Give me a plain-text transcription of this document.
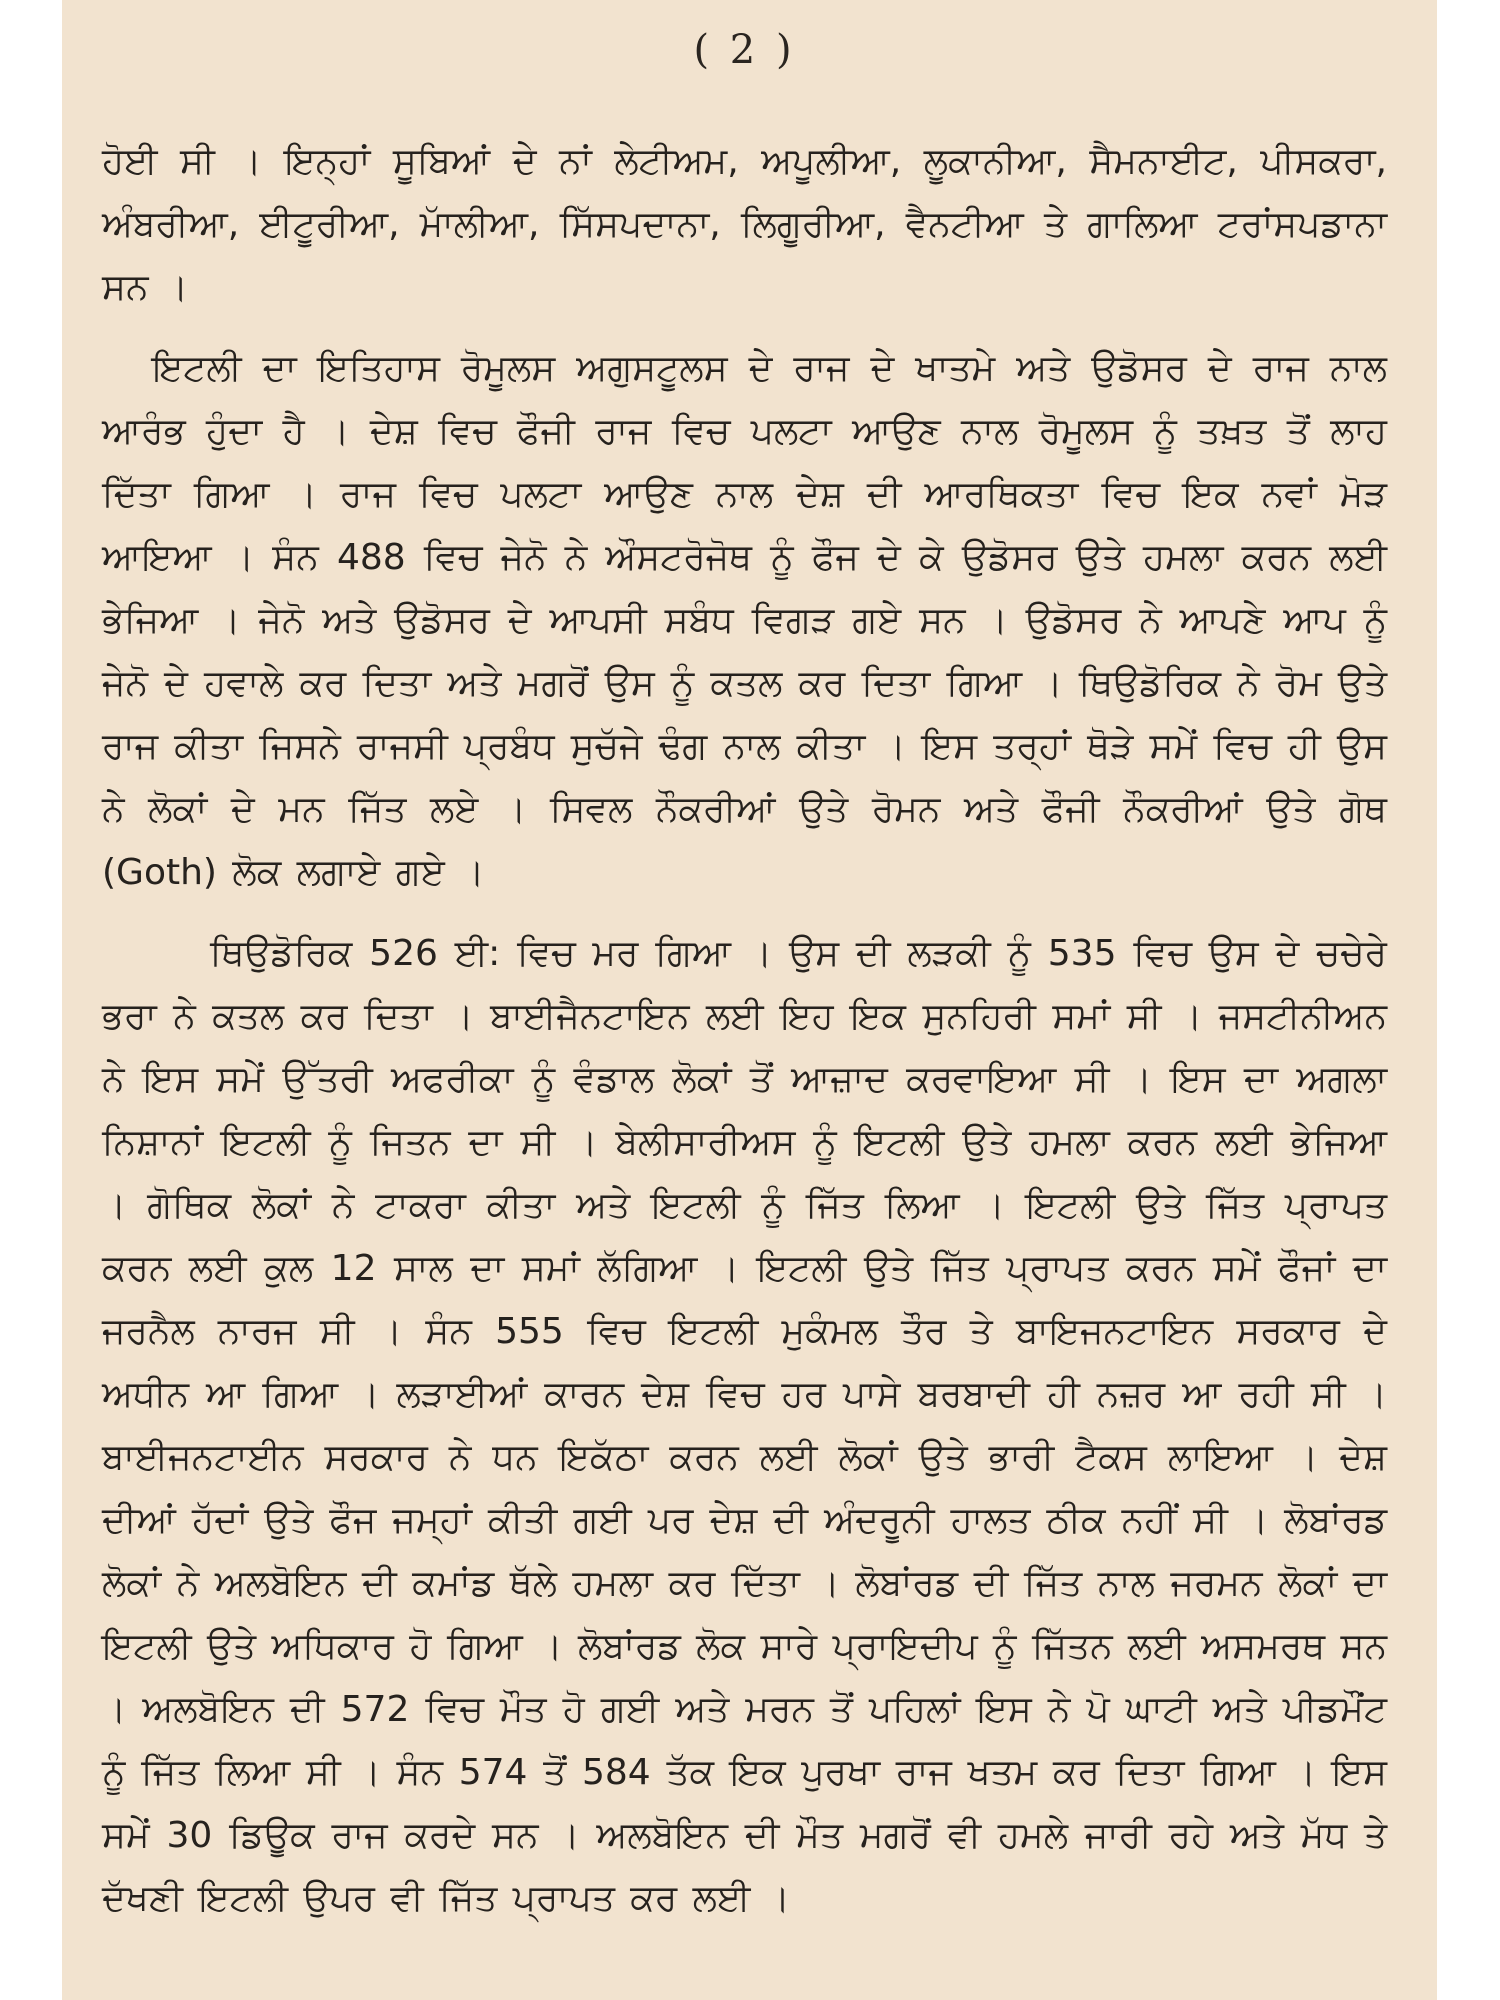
( 2 )

ਹੋਈ ਸੀ । ਇਨ੍ਹਾਂ ਸੂਬਿਆਂ ਦੇ ਨਾਂ ਲੇਟੀਅਮ, ਅਪੂਲੀਆ, ਲੂਕਾਨੀਆ, ਸੈਮਨਾਈਟ, ਪੀਸਕਰਾ, ਅੰਬਰੀਆ, ਈਟੂਰੀਆ, ਮਾੱਲੀਆ, ਸਿੱਸਪਦਾਨਾ, ਲਿਗੂਰੀਆ, ਵੈਨਟੀਆ ਤੇ ਗਾਲਿਆ ਟਰਾਂਸਪਡਾਨਾ ਸਨ ।

ਇਟਲੀ ਦਾ ਇਤਿਹਾਸ ਰੋਮੂਲਸ ਅਗੁਸਟੂਲਸ ਦੇ ਰਾਜ ਦੇ ਖਾਤਮੇ ਅਤੇ ਉਡੋਸਰ ਦੇ ਰਾਜ ਨਾਲ ਆਰੰਭ ਹੁੰਦਾ ਹੈ । ਦੇਸ਼ ਵਿਚ ਫੌਜੀ ਰਾਜ ਵਿਚ ਪਲਟਾ ਆਉਣ ਨਾਲ ਰੋਮੂਲਸ ਨੂੰ ਤਖ਼ਤ ਤੋਂ ਲਾਹ ਦਿੱਤਾ ਗਿਆ । ਰਾਜ ਵਿਚ ਪਲਟਾ ਆਉਣ ਨਾਲ ਦੇਸ਼ ਦੀ ਆਰਥਿਕਤਾ ਵਿਚ ਇਕ ਨਵਾਂ ਮੋੜ ਆਇਆ । ਸੰਨ 488 ਵਿਚ ਜੇਨੋ ਨੇ ਔਸਟਰੋਜੋਥ ਨੂੰ ਫੌਜ ਦੇ ਕੇ ਉਡੋਸਰ ਉਤੇ ਹਮਲਾ ਕਰਨ ਲਈ ਭੇਜਿਆ । ਜੇਨੋ ਅਤੇ ਉਡੋਸਰ ਦੇ ਆਪਸੀ ਸਬੰਧ ਵਿਗੜ ਗਏ ਸਨ । ਉਡੋਸਰ ਨੇ ਆਪਣੇ ਆਪ ਨੂੰ ਜੇਨੋ ਦੇ ਹਵਾਲੇ ਕਰ ਦਿਤਾ ਅਤੇ ਮਗਰੋਂ ਉਸ ਨੂੰ ਕਤਲ ਕਰ ਦਿਤਾ ਗਿਆ । ਥਿਉਡੋਰਿਕ ਨੇ ਰੋਮ ਉਤੇ ਰਾਜ ਕੀਤਾ ਜਿਸਨੇ ਰਾਜਸੀ ਪ੍ਰਬੰਧ ਸੁਚੱਜੇ ਢੰਗ ਨਾਲ ਕੀਤਾ । ਇਸ ਤਰ੍ਹਾਂ ਥੋੜੇ ਸਮੇਂ ਵਿਚ ਹੀ ਉਸ ਨੇ ਲੋਕਾਂ ਦੇ ਮਨ ਜਿੱਤ ਲਏ । ਸਿਵਲ ਨੌਕਰੀਆਂ ਉਤੇ ਰੋਮਨ ਅਤੇ ਫੌਜੀ ਨੌਕਰੀਆਂ ਉਤੇ ਗੋਥ (Goth) ਲੋਕ ਲਗਾਏ ਗਏ ।

ਥਿਉਡੋਰਿਕ 526 ਈ: ਵਿਚ ਮਰ ਗਿਆ । ਉਸ ਦੀ ਲੜਕੀ ਨੂੰ 535 ਵਿਚ ਉਸ ਦੇ ਚਚੇਰੇ ਭਰਾ ਨੇ ਕਤਲ ਕਰ ਦਿਤਾ । ਬਾਈਜੈਨਟਾਇਨ ਲਈ ਇਹ ਇਕ ਸੁਨਹਿਰੀ ਸਮਾਂ ਸੀ । ਜਸਟੀਨੀਅਨ ਨੇ ਇਸ ਸਮੇਂ ਉੱਤਰੀ ਅਫਰੀਕਾ ਨੂੰ ਵੰਡਾਲ ਲੋਕਾਂ ਤੋਂ ਆਜ਼ਾਦ ਕਰਵਾਇਆ ਸੀ । ਇਸ ਦਾ ਅਗਲਾ ਨਿਸ਼ਾਨਾਂ ਇਟਲੀ ਨੂੰ ਜਿਤਨ ਦਾ ਸੀ । ਬੇਲੀਸਾਰੀਅਸ ਨੂੰ ਇਟਲੀ ਉਤੇ ਹਮਲਾ ਕਰਨ ਲਈ ਭੇਜਿਆ । ਗੋਥਿਕ ਲੋਕਾਂ ਨੇ ਟਾਕਰਾ ਕੀਤਾ ਅਤੇ ਇਟਲੀ ਨੂੰ ਜਿੱਤ ਲਿਆ । ਇਟਲੀ ਉਤੇ ਜਿੱਤ ਪ੍ਰਾਪਤ ਕਰਨ ਲਈ ਕੁਲ 12 ਸਾਲ ਦਾ ਸਮਾਂ ਲੱਗਿਆ । ਇਟਲੀ ਉਤੇ ਜਿੱਤ ਪ੍ਰਾਪਤ ਕਰਨ ਸਮੇਂ ਫੌਜਾਂ ਦਾ ਜਰਨੈਲ ਨਾਰਜ ਸੀ । ਸੰਨ 555 ਵਿਚ ਇਟਲੀ ਮੁਕੰਮਲ ਤੌਰ ਤੇ ਬਾਇਜਨਟਾਇਨ ਸਰਕਾਰ ਦੇ ਅਧੀਨ ਆ ਗਿਆ । ਲੜਾਈਆਂ ਕਾਰਨ ਦੇਸ਼ ਵਿਚ ਹਰ ਪਾਸੇ ਬਰਬਾਦੀ ਹੀ ਨਜ਼ਰ ਆ ਰਹੀ ਸੀ । ਬਾਈਜਨਟਾਈਨ ਸਰਕਾਰ ਨੇ ਧਨ ਇਕੱਠਾ ਕਰਨ ਲਈ ਲੋਕਾਂ ਉਤੇ ਭਾਰੀ ਟੈਕਸ ਲਾਇਆ । ਦੇਸ਼ ਦੀਆਂ ਹੱਦਾਂ ਉਤੇ ਫੌਜ ਜਮ੍ਹਾਂ ਕੀਤੀ ਗਈ ਪਰ ਦੇਸ਼ ਦੀ ਅੰਦਰੂਨੀ ਹਾਲਤ ਠੀਕ ਨਹੀਂ ਸੀ । ਲੋਬਾਂਰਡ ਲੋਕਾਂ ਨੇ ਅਲਬੋਇਨ ਦੀ ਕਮਾਂਡ ਥੱਲੇ ਹਮਲਾ ਕਰ ਦਿੱਤਾ । ਲੋਬਾਂਰਡ ਦੀ ਜਿੱਤ ਨਾਲ ਜਰਮਨ ਲੋਕਾਂ ਦਾ ਇਟਲੀ ਉਤੇ ਅਧਿਕਾਰ ਹੋ ਗਿਆ । ਲੋਬਾਂਰਡ ਲੋਕ ਸਾਰੇ ਪ੍ਰਾਇਦੀਪ ਨੂੰ ਜਿੱਤਨ ਲਈ ਅਸਮਰਥ ਸਨ । ਅਲਬੋਇਨ ਦੀ 572 ਵਿਚ ਮੌਤ ਹੋ ਗਈ ਅਤੇ ਮਰਨ ਤੋਂ ਪਹਿਲਾਂ ਇਸ ਨੇ ਪੋ ਘਾਟੀ ਅਤੇ ਪੀਡਮੌਂਟ ਨੂੰ ਜਿੱਤ ਲਿਆ ਸੀ । ਸੰਨ 574 ਤੋਂ 584 ਤੱਕ ਇਕ ਪੁਰਖਾ ਰਾਜ ਖਤਮ ਕਰ ਦਿਤਾ ਗਿਆ । ਇਸ ਸਮੇਂ 30 ਡਿਊਕ ਰਾਜ ਕਰਦੇ ਸਨ । ਅਲਬੋਇਨ ਦੀ ਮੌਤ ਮਗਰੋਂ ਵੀ ਹਮਲੇ ਜਾਰੀ ਰਹੇ ਅਤੇ ਮੱਧ ਤੇ ਦੱਖਣੀ ਇਟਲੀ ਉਪਰ ਵੀ ਜਿੱਤ ਪ੍ਰਾਪਤ ਕਰ ਲਈ ।
